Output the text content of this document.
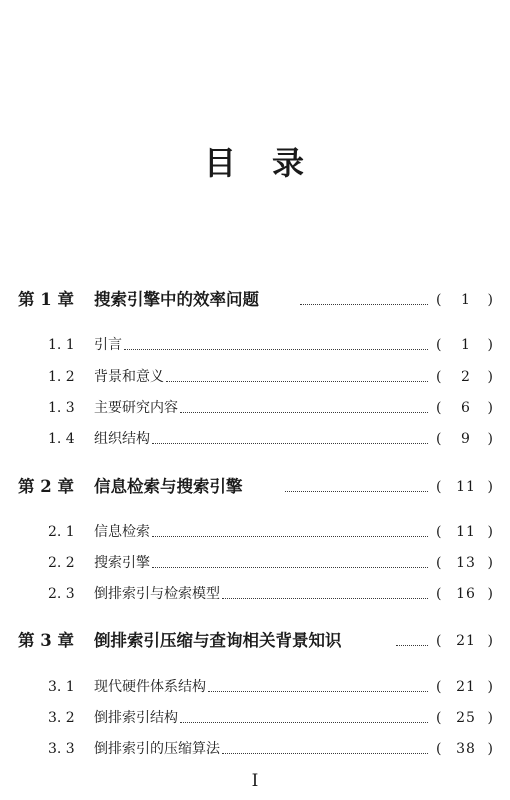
目 录
第 1 章 搜索引擎中的效率问题	(	1	)
1. 1 引言	(	1	)
1. 2 背景和意义	(	2	)
1. 3 主要研究内容	(	6	)
1. 4 组织结构	(	9	)
第 2 章 信息检索与搜索引擎	( 11 )
2. 1 信息检索	( 11 )
2. 2 搜索引擎	( 13 )
2. 3 倒排索引与检索模型	( 16 )
第 3 章 倒排索引压缩与查询相关背景知识	( 21 )
3. 1 现代硬件体系结构	( 21 )
3. 2 倒排索引结构	( 25 )
3. 3 倒排索引的压缩算法	( 38 )
I
